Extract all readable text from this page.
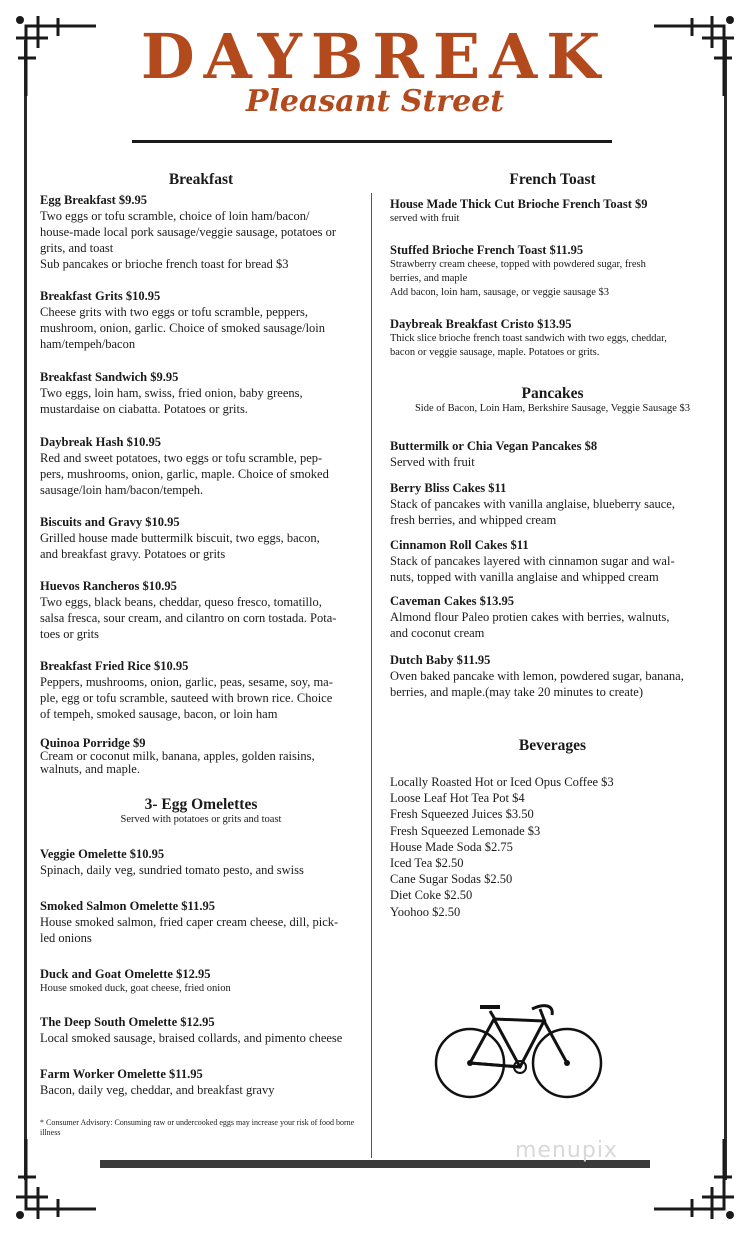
DAYBREAK
Pleasant Street
Breakfast
Egg Breakfast $9.95
Two eggs or tofu scramble, choice of loin ham/bacon/
house-made local pork sausage/veggie sausage, potatoes or
grits, and toast
Sub pancakes or brioche french toast for bread $3
Breakfast Grits $10.95
Cheese grits with two eggs or tofu scramble, peppers,
mushroom, onion, garlic. Choice of smoked sausage/loin
ham/tempeh/bacon
Breakfast Sandwich $9.95
Two eggs, loin ham, swiss, fried onion, baby greens,
mustardaise on ciabatta. Potatoes or grits.
Daybreak Hash $10.95
Red and sweet potatoes, two eggs or tofu scramble, pep-
pers, mushrooms, onion, garlic, maple. Choice of smoked
sausage/loin ham/bacon/tempeh.
Biscuits and Gravy $10.95
Grilled house made buttermilk biscuit, two eggs, bacon,
and breakfast gravy. Potatoes or grits
Huevos Rancheros $10.95
Two eggs, black beans, cheddar, queso fresco, tomatillo,
salsa fresca, sour cream, and cilantro on corn tostada. Pota-
toes or grits
Breakfast Fried Rice $10.95
Peppers, mushrooms, onion, garlic, peas, sesame, soy, ma-
ple, egg or tofu scramble, sauteed with brown rice. Choice
of tempeh, smoked sausage, bacon, or loin ham
Quinoa Porridge $9
Cream or coconut milk, banana, apples, golden raisins,
walnuts, and maple.
3- Egg Omelettes
Served with potatoes or grits and toast
Veggie Omelette $10.95
Spinach, daily veg, sundried tomato pesto, and swiss
Smoked Salmon Omelette $11.95
House smoked salmon, fried caper cream cheese, dill, pick-
led onions
Duck and Goat Omelette $12.95
House smoked duck, goat cheese, fried onion
The Deep South Omelette $12.95
Local smoked sausage, braised collards, and pimento cheese
Farm Worker Omelette $11.95
Bacon, daily veg, cheddar, and breakfast gravy
* Consumer Advisory: Consuming raw or undercooked eggs may increase your risk of food borne illness
French Toast
House Made Thick Cut Brioche French Toast $9
served with fruit
Stuffed Brioche French Toast $11.95
Strawberry cream cheese, topped with powdered sugar, fresh
berries, and maple
Add bacon, loin ham, sausage, or veggie sausage $3
Daybreak Breakfast Cristo $13.95
Thick slice brioche french toast sandwich with two eggs, cheddar,
bacon or veggie sausage, maple. Potatoes or grits.
Pancakes
Side of Bacon, Loin Ham, Berkshire Sausage, Veggie Sausage $3
Buttermilk or Chia Vegan Pancakes $8
Served with fruit
Berry Bliss Cakes $11
Stack of pancakes with vanilla anglaise, blueberry sauce,
fresh berries, and whipped cream
Cinnamon Roll Cakes $11
Stack of pancakes layered with cinnamon sugar and wal-
nuts, topped with vanilla anglaise and whipped cream
Caveman Cakes $13.95
Almond flour Paleo protien cakes with berries, walnuts,
and coconut cream
Dutch Baby $11.95
Oven baked pancake with lemon, powdered sugar, banana,
berries, and maple.(may take 20 minutes to create)
Beverages
Locally Roasted Hot or Iced Opus Coffee $3
Loose Leaf Hot Tea Pot $4
Fresh Squeezed Juices $3.50
Fresh Squeezed Lemonade $3
House Made Soda $2.75
Iced Tea $2.50
Cane Sugar Sodas $2.50
Diet Coke $2.50
Yoohoo $2.50
menupix
